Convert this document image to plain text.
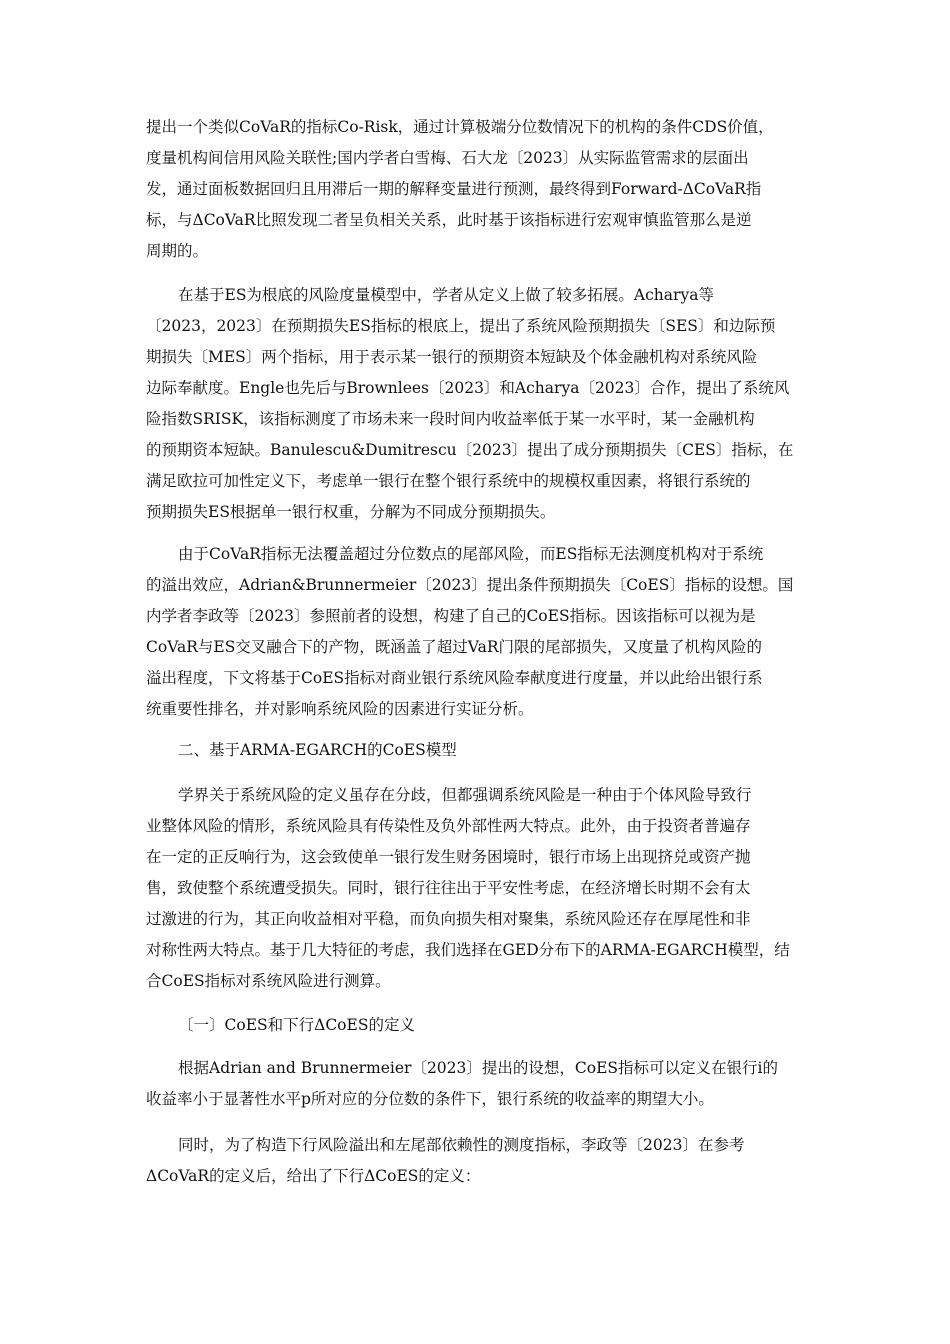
提出一个类似CoVaR的指标Co-Risk，通过计算极端分位数情况下的机构的条件CDS价值，
度量机构间信用风险关联性;国内学者白雪梅、石大龙〔2023〕从实际监管需求的层面出
发，通过面板数据回归且用滞后一期的解释变量进行预测，最终得到Forward-ΔCoVaR指
标，与ΔCoVaR比照发现二者呈负相关关系，此时基于该指标进行宏观审慎监管那么是逆
周期的。
在基于ES为根底的风险度量模型中，学者从定义上做了较多拓展。Acharya等
〔2023，2023〕在预期损失ES指标的根底上，提出了系统风险预期损失〔SES〕和边际预
期损失〔MES〕两个指标，用于表示某一银行的预期资本短缺及个体金融机构对系统风险
边际奉献度。Engle也先后与Brownlees〔2023〕和Acharya〔2023〕合作，提出了系统风
险指数SRISK，该指标测度了市场未来一段时间内收益率低于某一水平时，某一金融机构
的预期资本短缺。Banulescu&Dumitrescu〔2023〕提出了成分预期损失〔CES〕指标，在
满足欧拉可加性定义下，考虑单一银行在整个银行系统中的规模权重因素，将银行系统的
预期损失ES根据单一银行权重，分解为不同成分预期损失。
由于CoVaR指标无法覆盖超过分位数点的尾部风险，而ES指标无法测度机构对于系统
的溢出效应，Adrian&Brunnermeier〔2023〕提出条件预期损失〔CoES〕指标的设想。国
内学者李政等〔2023〕参照前者的设想，构建了自己的CoES指标。因该指标可以视为是
CoVaR与ES交叉融合下的产物，既涵盖了超过VaR门限的尾部损失，又度量了机构风险的
溢出程度，下文将基于CoES指标对商业银行系统风险奉献度进行度量，并以此给出银行系
统重要性排名，并对影响系统风险的因素进行实证分析。
二、基于ARMA-EGARCH的CoES模型
学界关于系统风险的定义虽存在分歧，但都强调系统风险是一种由于个体风险导致行
业整体风险的情形，系统风险具有传染性及负外部性两大特点。此外，由于投资者普遍存
在一定的正反响行为，这会致使单一银行发生财务困境时，银行市场上出现挤兑或资产抛
售，致使整个系统遭受损失。同时，银行往往出于平安性考虑，在经济增长时期不会有太
过激进的行为，其正向收益相对平稳，而负向损失相对聚集，系统风险还存在厚尾性和非
对称性两大特点。基于几大特征的考虑，我们选择在GED分布下的ARMA-EGARCH模型，结
合CoES指标对系统风险进行测算。
〔一〕CoES和下行ΔCoES的定义
根据Adrian and Brunnermeier〔2023〕提出的设想，CoES指标可以定义在银行i的
收益率小于显著性水平p所对应的分位数的条件下，银行系统的收益率的期望大小。
同时，为了构造下行风险溢出和左尾部依赖性的测度指标，李政等〔2023〕在参考
ΔCoVaR的定义后，给出了下行ΔCoES的定义：
